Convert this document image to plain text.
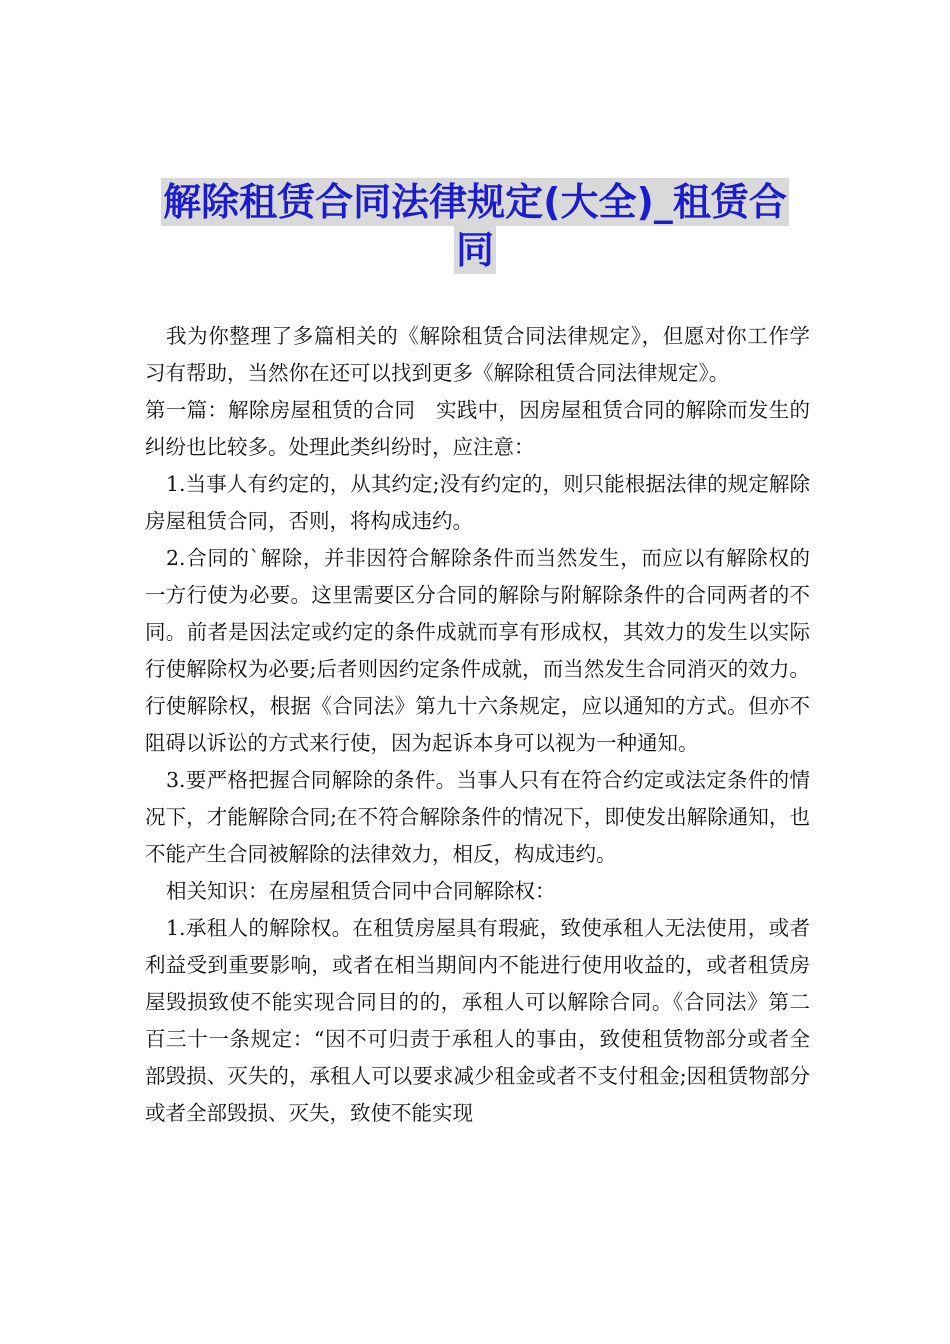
解除租赁合同法律规定(大全)_租赁合
同

我为你整理了多篇相关的《解除租赁合同法律规定》，但愿对你工作学习有帮助，当然你在还可以找到更多《解除租赁合同法律规定》。

第一篇：解除房屋租赁的合同　实践中，因房屋租赁合同的解除而发生的纠纷也比较多。处理此类纠纷时，应注意：

1.当事人有约定的，从其约定;没有约定的，则只能根据法律的规定解除房屋租赁合同，否则，将构成违约。

2.合同的`解除，并非因符合解除条件而当然发生，而应以有解除权的一方行使为必要。这里需要区分合同的解除与附解除条件的合同两者的不同。前者是因法定或约定的条件成就而享有形成权，其效力的发生以实际行使解除权为必要;后者则因约定条件成就，而当然发生合同消灭的效力。行使解除权，根据《合同法》第九十六条规定，应以通知的方式。但亦不阻碍以诉讼的方式来行使，因为起诉本身可以视为一种通知。

3.要严格把握合同解除的条件。当事人只有在符合约定或法定条件的情况下，才能解除合同;在不符合解除条件的情况下，即使发出解除通知，也不能产生合同被解除的法律效力，相反，构成违约。

相关知识：在房屋租赁合同中合同解除权：

1.承租人的解除权。在租赁房屋具有瑕疵，致使承租人无法使用，或者利益受到重要影响，或者在相当期间内不能进行使用收益的，或者租赁房屋毁损致使不能实现合同目的的，承租人可以解除合同。《合同法》第二百三十一条规定：“因不可归责于承租人的事由，致使租赁物部分或者全部毁损、灭失的，承租人可以要求减少租金或者不支付租金;因租赁物部分或者全部毁损、灭失，致使不能实现
